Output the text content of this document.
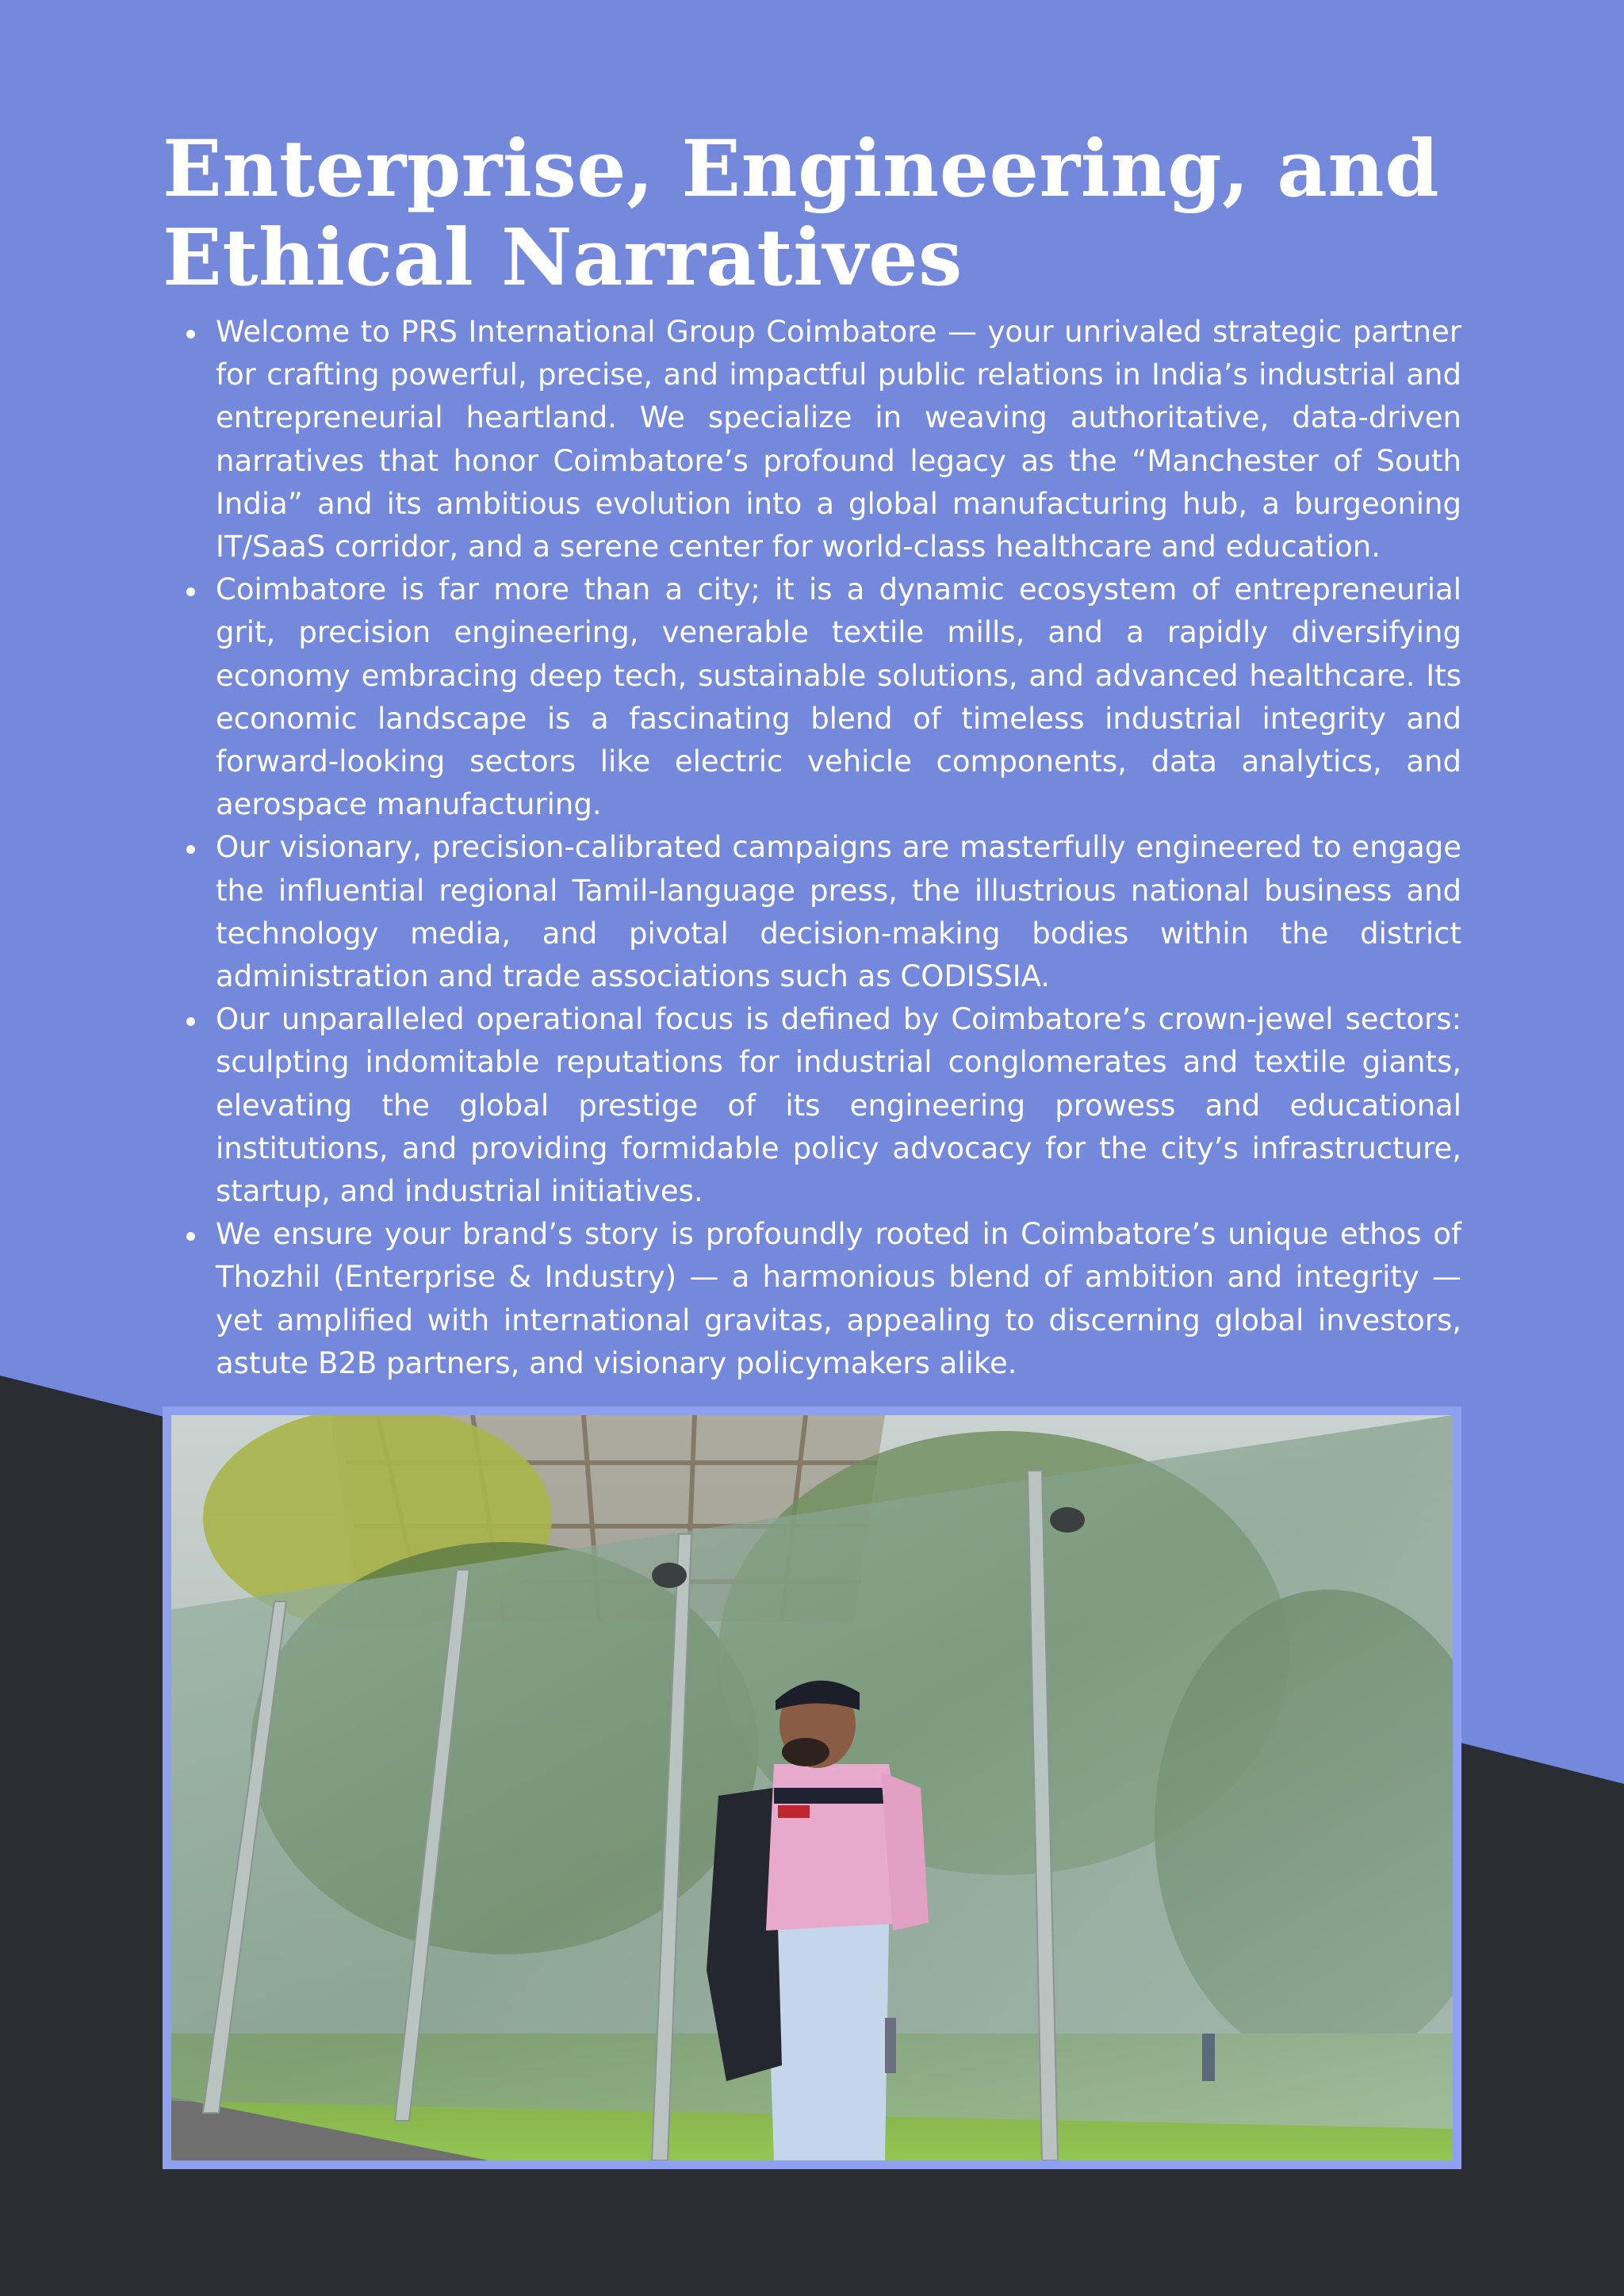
Enterprise, Engineering, and Ethical Narratives
Welcome to PRS International Group Coimbatore — your unrivaled strategic partner for crafting powerful, precise, and impactful public relations in India’s industrial and entrepreneurial heartland. We specialize in weaving authoritative, data-driven narratives that honor Coimbatore’s profound legacy as the “Manchester of South India” and its ambitious evolution into a global manufacturing hub, a burgeoning IT/SaaS corridor, and a serene center for world-class healthcare and education.
Coimbatore is far more than a city; it is a dynamic ecosystem of entrepreneurial grit, precision engineering, venerable textile mills, and a rapidly diversifying economy embracing deep tech, sustainable solutions, and advanced healthcare. Its economic landscape is a fascinating blend of timeless industrial integrity and forward-looking sectors like electric vehicle components, data analytics, and aerospace manufacturing.
Our visionary, precision-calibrated campaigns are masterfully engineered to engage the influential regional Tamil-language press, the illustrious national business and technology media, and pivotal decision-making bodies within the district administration and trade associations such as CODISSIA.
Our unparalleled operational focus is defined by Coimbatore’s crown-jewel sectors: sculpting indomitable reputations for industrial conglomerates and textile giants, elevating the global prestige of its engineering prowess and educational institutions, and providing formidable policy advocacy for the city’s infrastructure, startup, and industrial initiatives.
We ensure your brand’s story is profoundly rooted in Coimbatore’s unique ethos of Thozhil (Enterprise & Industry) — a harmonious blend of ambition and integrity — yet amplified with international gravitas, appealing to discerning global investors, astute B2B partners, and visionary policymakers alike.
